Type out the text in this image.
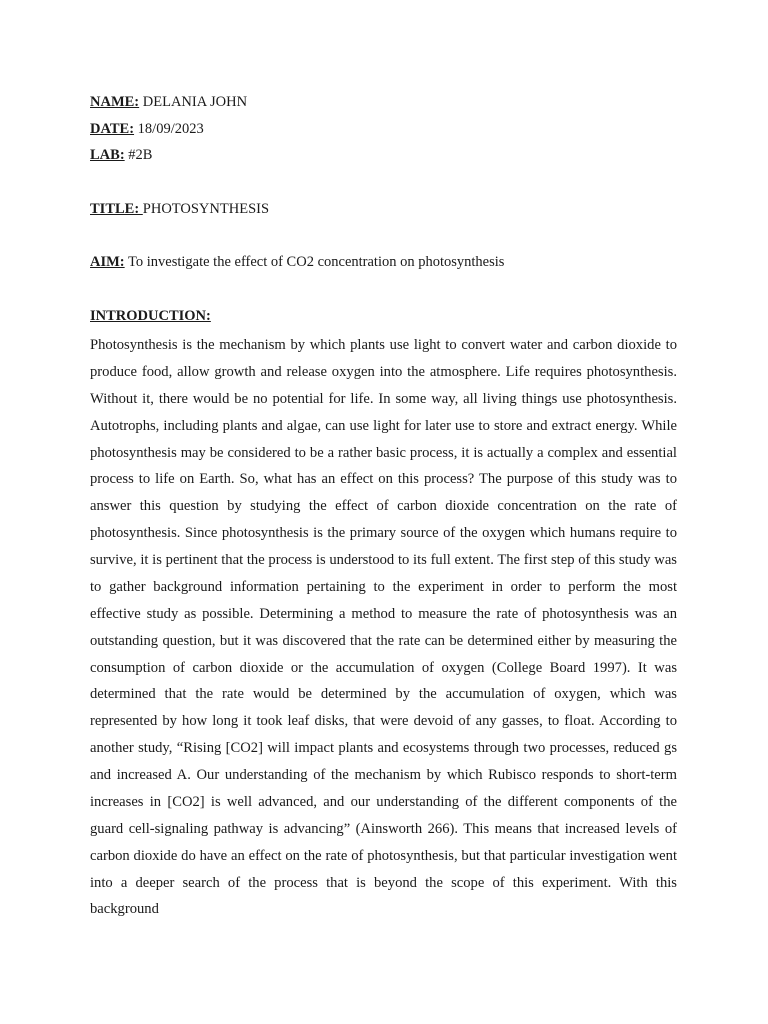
NAME: DELANIA JOHN
DATE: 18/09/2023
LAB: #2B
TITLE: PHOTOSYNTHESIS
AIM: To investigate the effect of CO2 concentration on photosynthesis
INTRODUCTION:

Photosynthesis is the mechanism by which plants use light to convert water and carbon dioxide to produce food, allow growth and release oxygen into the atmosphere. Life requires photosynthesis. Without it, there would be no potential for life. In some way, all living things use photosynthesis. Autotrophs, including plants and algae, can use light for later use to store and extract energy. While photosynthesis may be considered to be a rather basic process, it is actually a complex and essential process to life on Earth. So, what has an effect on this process? The purpose of this study was to answer this question by studying the effect of carbon dioxide concentration on the rate of photosynthesis. Since photosynthesis is the primary source of the oxygen which humans require to survive, it is pertinent that the process is understood to its full extent. The first step of this study was to gather background information pertaining to the experiment in order to perform the most effective study as possible. Determining a method to measure the rate of photosynthesis was an outstanding question, but it was discovered that the rate can be determined either by measuring the consumption of carbon dioxide or the accumulation of oxygen (College Board 1997). It was determined that the rate would be determined by the accumulation of oxygen, which was represented by how long it took leaf disks, that were devoid of any gasses, to float. According to another study, “Rising [CO2] will impact plants and ecosystems through two processes, reduced gs and increased A. Our understanding of the mechanism by which Rubisco responds to short-term increases in [CO2] is well advanced, and our understanding of the different components of the guard cell-signaling pathway is advancing” (Ainsworth 266). This means that increased levels of carbon dioxide do have an effect on the rate of photosynthesis, but that particular investigation went into a deeper search of the process that is beyond the scope of this experiment. With this background
